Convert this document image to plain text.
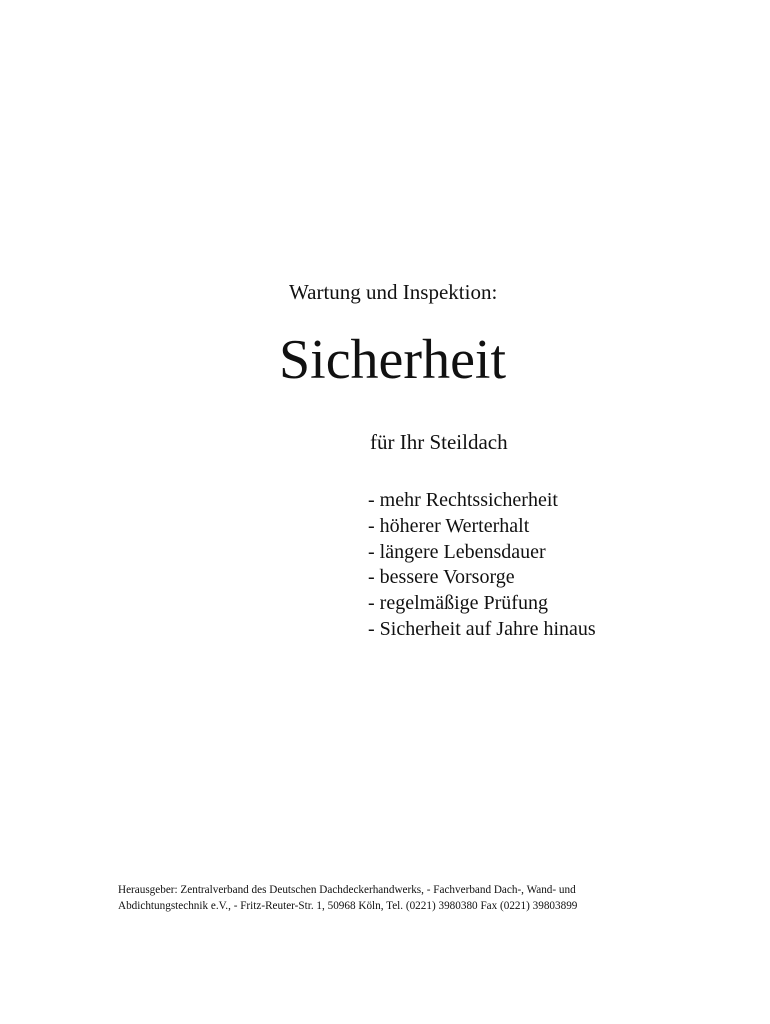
Wartung und Inspektion:
Sicherheit
für Ihr Steildach
- mehr Rechtssicherheit
- höherer Werterhalt
- längere Lebensdauer
- bessere Vorsorge
- regelmäßige Prüfung
- Sicherheit auf Jahre hinaus
Herausgeber: Zentralverband des Deutschen Dachdeckerhandwerks, - Fachverband Dach-, Wand- und
Abdichtungstechnik e.V., - Fritz-Reuter-Str. 1, 50968 Köln, Tel. (0221) 3980380 Fax (0221) 39803899
